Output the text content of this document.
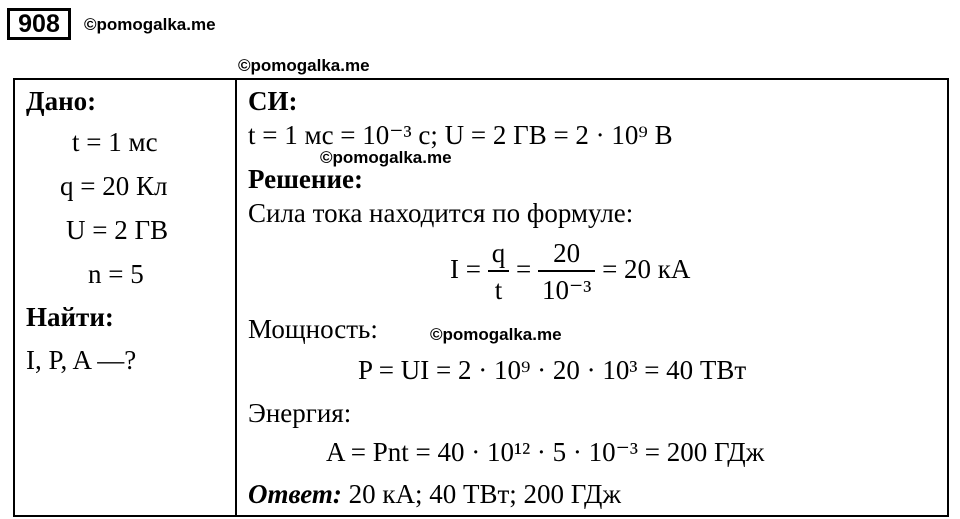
908	©pomogalka.me
©pomogalka.me
Дано:
t = 1 мс
q = 20 Кл
U = 2 ГВ
n = 5
Найти:
I, P, A —?
СИ:
t = 1 мс = 10⁻³ с; U = 2 ГВ = 2 · 10⁹ В
©pomogalka.me
Решение:
Сила тока находится по формуле:
$I = \frac{q}{t} = \frac{20}{\text{10⁻³}} = 20$ кА
Мощность:	©pomogalka.me
P = UI = 2 · 10⁹ · 20 · 10³ = 40 ТВт
Энергия:
A = Pnt = 40 · 10¹² · 5 · 10⁻³ = 200 ГДж
Ответ: 20 кА; 40 ТВт; 200 ГДж
